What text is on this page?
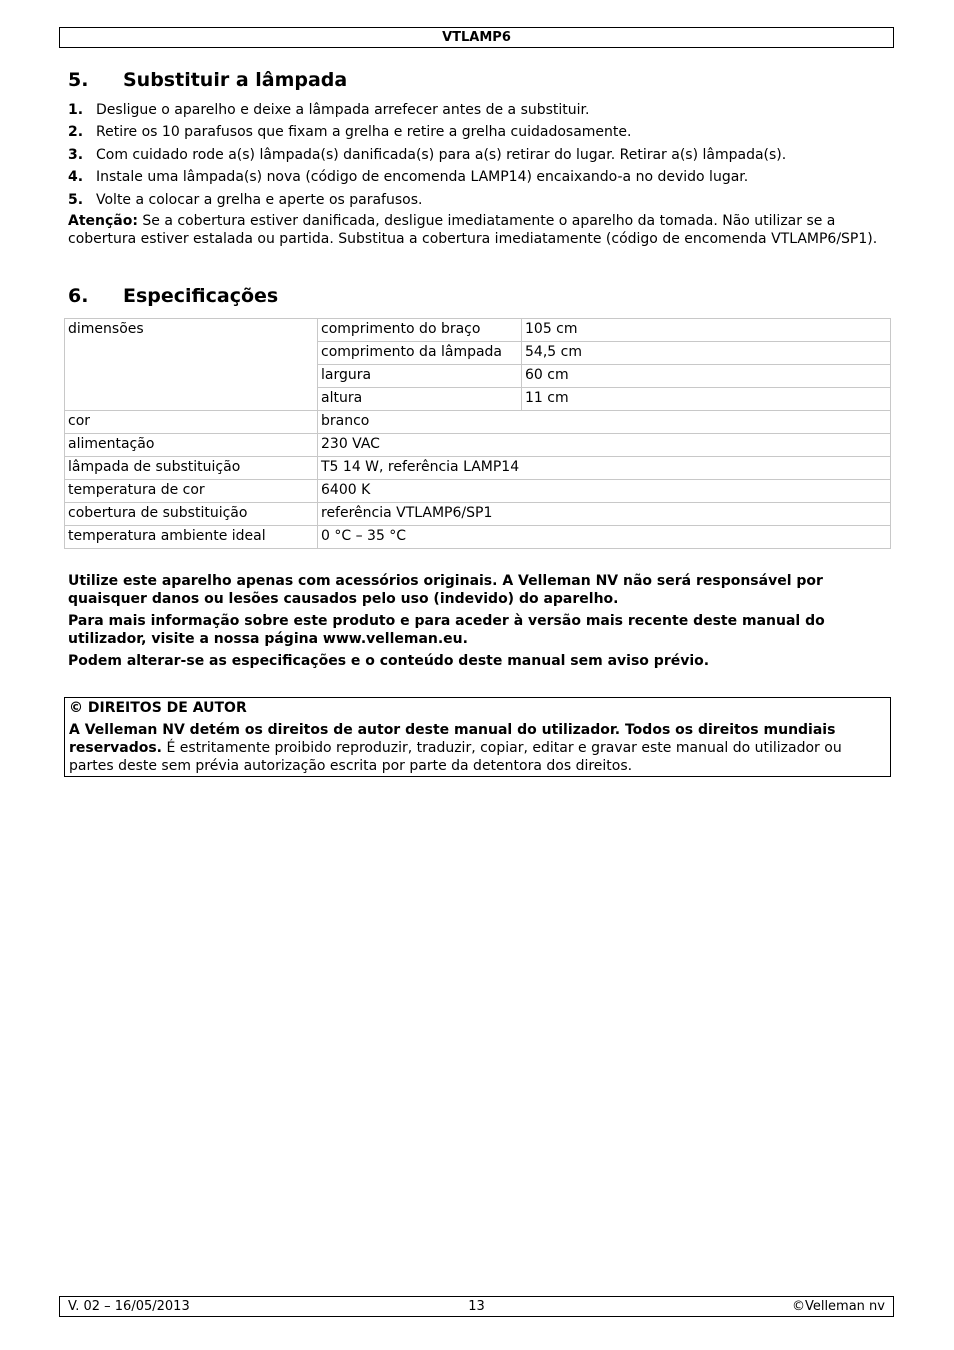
VTLAMP6
5. Substituir a lâmpada
1. Desligue o aparelho e deixe a lâmpada arrefecer antes de a substituir.
2. Retire os 10 parafusos que fixam a grelha e retire a grelha cuidadosamente.
3. Com cuidado rode a(s) lâmpada(s) danificada(s) para a(s) retirar do lugar. Retirar a(s) lâmpada(s).
4. Instale uma lâmpada(s) nova (código de encomenda LAMP14) encaixando-a no devido lugar.
5. Volte a colocar a grelha e aperte os parafusos.

Atenção: Se a cobertura estiver danificada, desligue imediatamente o aparelho da tomada. Não utilizar se a cobertura estiver estalada ou partida. Substitua a cobertura imediatamente (código de encomenda VTLAMP6/SP1).

6. Especificações
dimensões	comprimento do braço	105 cm
	comprimento da lâmpada	54,5 cm
	largura	60 cm
	altura	11 cm
cor	branco	
alimentação	230 VAC	
lâmpada de substituição	T5 14 W, referência LAMP14	
temperatura de cor	6400 K	
cobertura de substituição	referência VTLAMP6/SP1	
temperatura ambiente ideal	0 °C – 35 °C	

Utilize este aparelho apenas com acessórios originais. A Velleman NV não será responsável por quaisquer danos ou lesões causados pelo uso (indevido) do aparelho.

Para mais informação sobre este produto e para aceder à versão mais recente deste manual do utilizador, visite a nossa página www.velleman.eu.

Podem alterar-se as especificações e o conteúdo deste manual sem aviso prévio.

© DIREITOS DE AUTOR

A Velleman NV detém os direitos de autor deste manual do utilizador. Todos os direitos mundiais reservados. É estritamente proibido reproduzir, traduzir, copiar, editar e gravar este manual do utilizador ou partes deste sem prévia autorização escrita por parte da detentora dos direitos.

V. 02 – 16/05/2013	13	©Velleman nv
